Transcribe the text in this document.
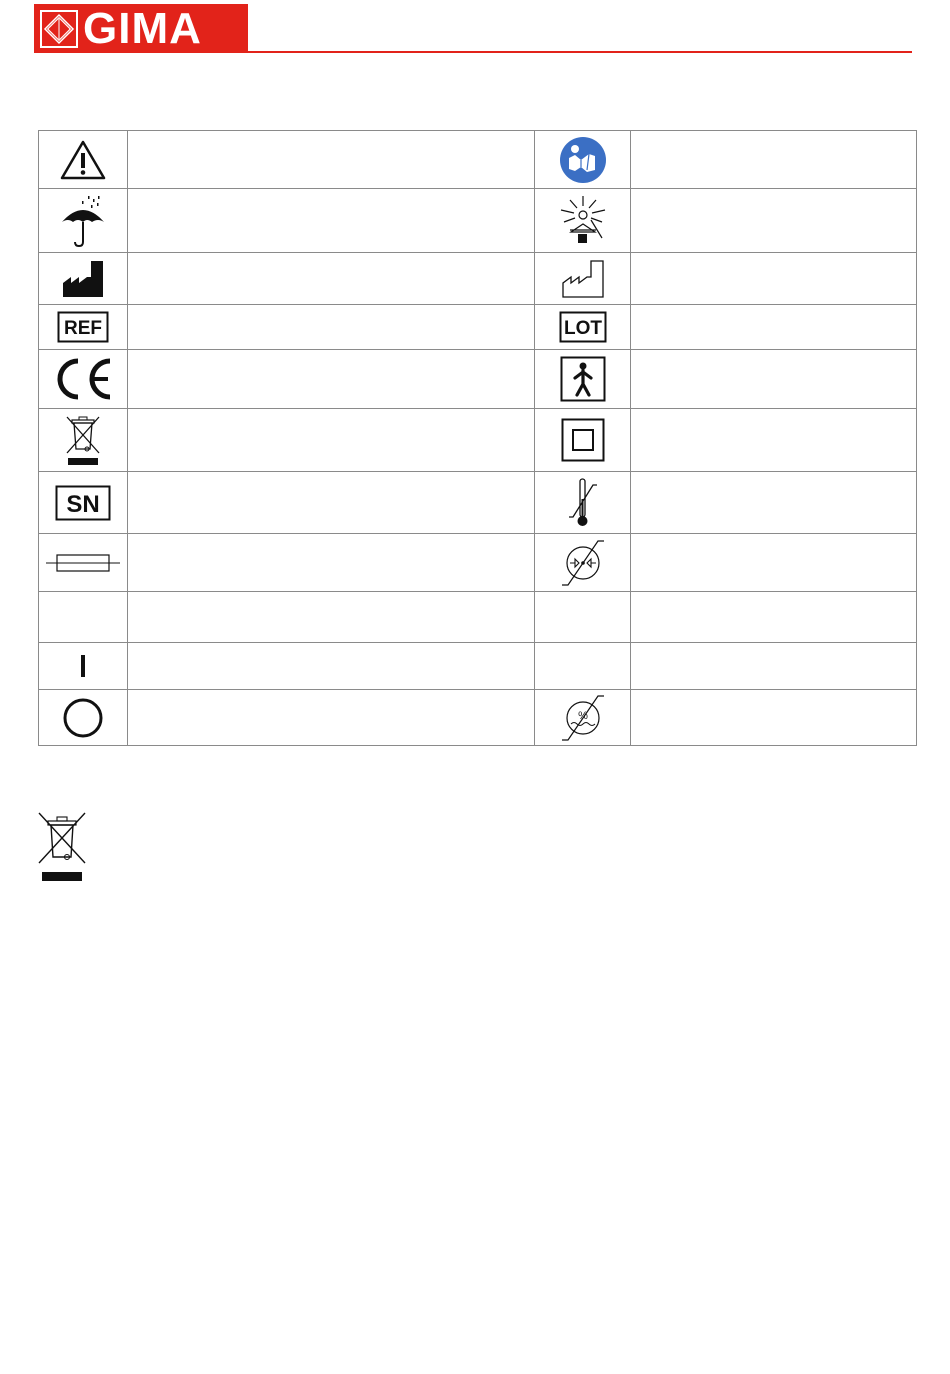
GIMA

REF		LOT	

SN

%	
